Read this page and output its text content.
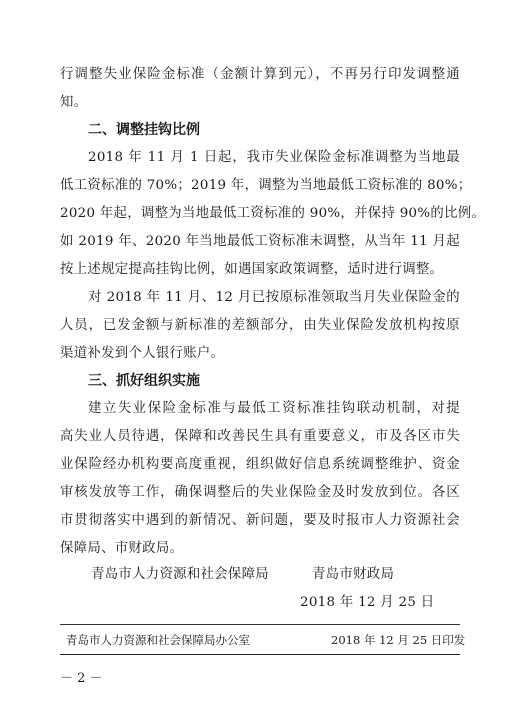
行调整失业保险金标准（金额计算到元），不再另行印发调整通
知。
二、调整挂钩比例
2018 年 11 月 1 日起，我市失业保险金标准调整为当地最
低工资标准的 70%；2019 年，调整为当地最低工资标准的 80%；
2020 年起，调整为当地最低工资标准的 90%，并保持 90%的比例。
如 2019 年、2020 年当地最低工资标准未调整，从当年 11 月起
按上述规定提高挂钩比例，如遇国家政策调整，适时进行调整。
对 2018 年 11 月、12 月已按原标准领取当月失业保险金的
人员，已发金额与新标准的差额部分，由失业保险发放机构按原
渠道补发到个人银行账户。
三、抓好组织实施
建立失业保险金标准与最低工资标准挂钩联动机制，对提
高失业人员待遇，保障和改善民生具有重要意义，市及各区市失
业保险经办机构要高度重视，组织做好信息系统调整维护、资金
审核发放等工作，确保调整后的失业保险金及时发放到位。各区
市贯彻落实中遇到的新情况、新问题，要及时报市人力资源社会
保障局、市财政局。
青岛市人力资源和社会保障局	青岛市财政局
2018 年 12 月 25 日
青岛市人力资源和社会保障局办公室	2018 年 12 月 25 日印发
－ 2 －
